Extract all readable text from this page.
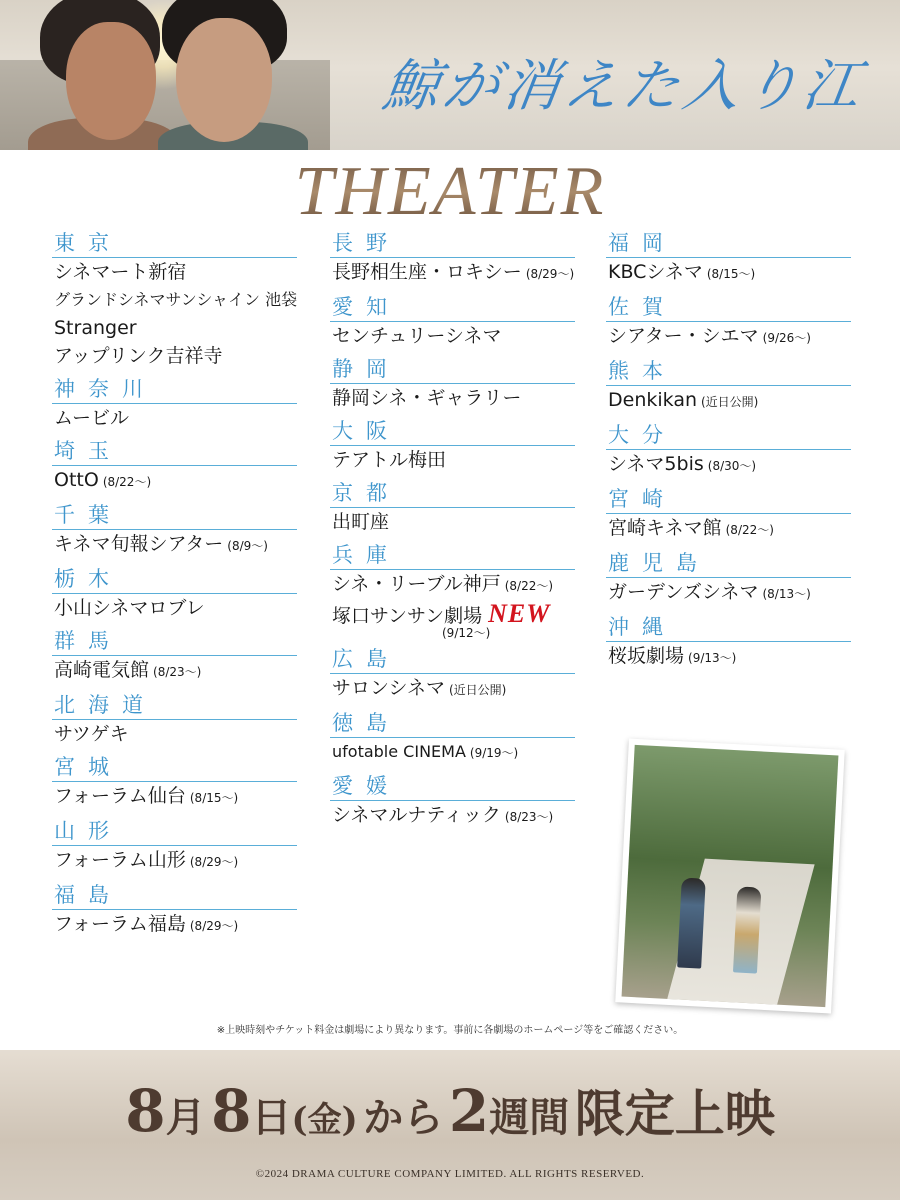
鯨が消えた入り江
THEATER
東京
シネマート新宿
グランドシネマサンシャイン 池袋
Stranger
アップリンク吉祥寺
神奈川
ムービル
埼玉
OttO (8/22〜)
千葉
キネマ旬報シアター (8/9〜)
栃木
小山シネマロブレ
群馬
高崎電気館 (8/23〜)
北海道
サツゲキ
宮城
フォーラム仙台 (8/15〜)
山形
フォーラム山形 (8/29〜)
福島
フォーラム福島 (8/29〜)
長野
長野相生座・ロキシー (8/29〜)
愛知
センチュリーシネマ
静岡
静岡シネ・ギャラリー
大阪
テアトル梅田
京都
出町座
兵庫
シネ・リーブル神戸 (8/22〜)
塚口サンサン劇場 NEW
(9/12〜)
広島
サロンシネマ (近日公開)
徳島
ufotable CINEMA (9/19〜)
愛媛
シネマルナティック (8/23〜)
福岡
KBCシネマ (8/15〜)
佐賀
シアター・シエマ (9/26〜)
熊本
Denkikan (近日公開)
大分
シネマ5bis (8/30〜)
宮崎
宮崎キネマ館 (8/22〜)
鹿児島
ガーデンズシネマ (8/13〜)
沖縄
桜坂劇場 (9/13〜)
※上映時刻やチケット料金は劇場により異なります。事前に各劇場のホームページ等をご確認ください。
8月 8日(金) から 2週間 限定上映
©2024 DRAMA CULTURE COMPANY LIMITED. ALL RIGHTS RESERVED.
